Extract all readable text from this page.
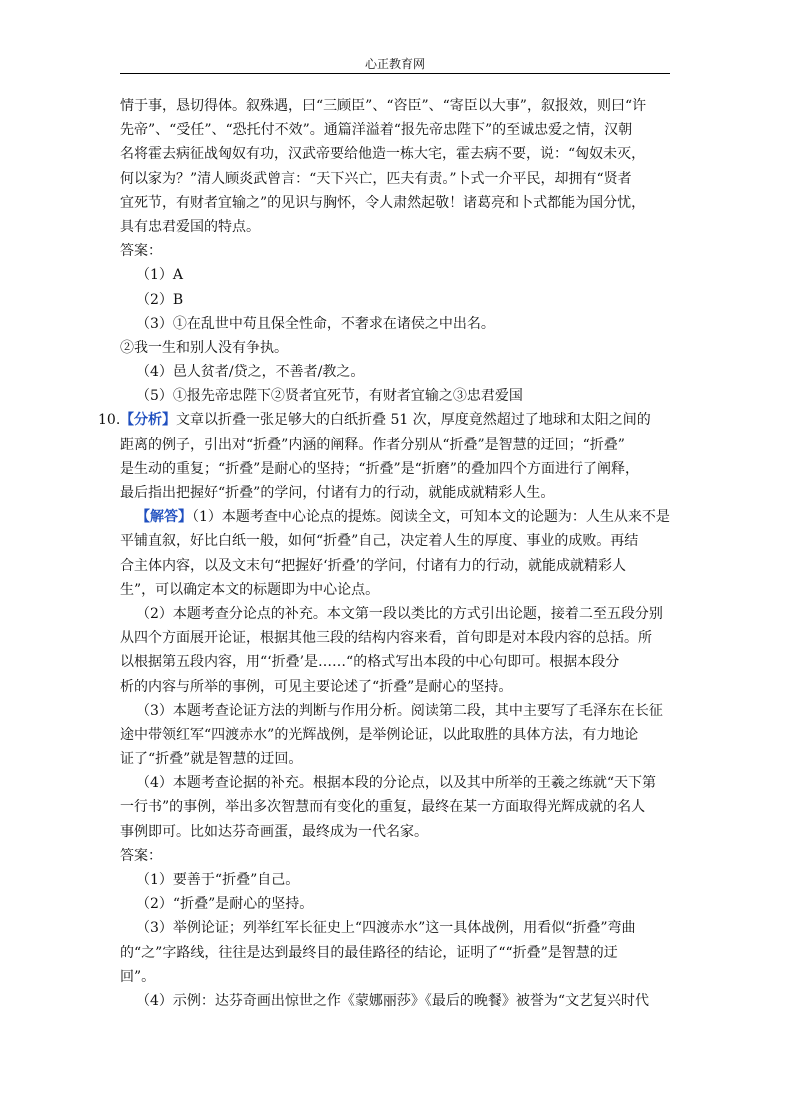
心正教育网
情于事，恳切得体。叙殊遇，曰“三顾臣”、“咨臣”、“寄臣以大事”，叙报效，则曰“许
先帝”、“受任”、“恐托付不效”。通篇洋溢着“报先帝忠陛下”的至诚忠爱之情，汉朝
名将霍去病征战匈奴有功，汉武帝要给他造一栋大宅，霍去病不要，说：“匈奴未灭，
何以家为？”清人顾炎武曾言：“天下兴亡，匹夫有责。”卜式一介平民，却拥有“贤者
宜死节，有财者宜输之”的见识与胸怀，令人肃然起敬！诸葛亮和卜式都能为国分忧，
具有忠君爱国的特点。
答案：
（1）A
（2）B
（3）①在乱世中苟且保全性命，不奢求在诸侯之中出名。
②我一生和别人没有争执。
（4）邑人贫者/贷之，不善者/教之。
（5）①报先帝忠陛下②贤者宜死节，有财者宜输之③忠君爱国
10. 【分析】文章以折叠一张足够大的白纸折叠 51 次，厚度竟然超过了地球和太阳之间的
距离的例子，引出对“折叠”内涵的阐释。作者分别从“折叠”是智慧的迂回；“折叠”
是生动的重复；“折叠”是耐心的坚持；“折叠”是“折磨”的叠加四个方面进行了阐释，
最后指出把握好“折叠”的学问，付诸有力的行动，就能成就精彩人生。
【解答】（1）本题考查中心论点的提炼。阅读全文，可知本文的论题为：人生从来不是
平铺直叙，好比白纸一般，如何“折叠”自己，决定着人生的厚度、事业的成败。再结
合主体内容，以及文末句“把握好‘折叠’的学问，付诸有力的行动，就能成就精彩人
生”，可以确定本文的标题即为中心论点。
（2）本题考查分论点的补充。本文第一段以类比的方式引出论题，接着二至五段分别
从四个方面展开论证，根据其他三段的结构内容来看，首句即是对本段内容的总括。所
以根据第五段内容，用“‘折叠’是……“的格式写出本段的中心句即可。根据本段分
析的内容与所举的事例，可见主要论述了“折叠”是耐心的坚持。
（3）本题考查论证方法的判断与作用分析。阅读第二段，其中主要写了毛泽东在长征
途中带领红军“四渡赤水”的光辉战例，是举例论证，以此取胜的具体方法，有力地论
证了“折叠”就是智慧的迂回。
（4）本题考查论据的补充。根据本段的分论点，以及其中所举的王羲之练就“天下第
一行书”的事例，举出多次智慧而有变化的重复，最终在某一方面取得光辉成就的名人
事例即可。比如达芬奇画蛋，最终成为一代名家。
答案：
（1）要善于“折叠”自己。
（2）“折叠”是耐心的坚持。
（3）举例论证；列举红军长征史上“四渡赤水”这一具体战例，用看似“折叠”弯曲
的“之”字路线，往往是达到最终目的最佳路径的结论，证明了““折叠”是智慧的迂
回”。
（4）示例：达芬奇画出惊世之作《蒙娜丽莎》《最后的晚餐》被誉为“文艺复兴时代
